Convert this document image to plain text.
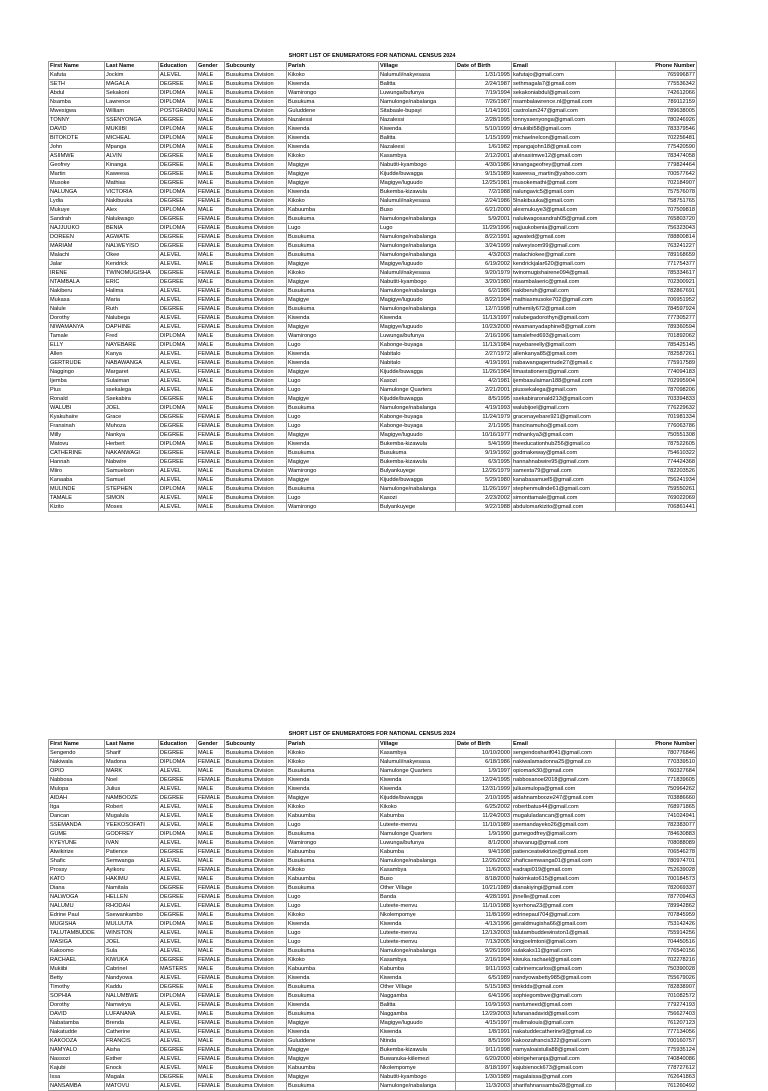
SHORT LIST OF ENUMERATORS FOR NATIONAL CENSUS 2024
First Name	Last Name	Education	Gender	Subcounty	Parish	Village	Date of Birth	Email	Phone Number
Kafuta	Jockim	ALEVEL	MALE	Busukuma Division	Kikoko	Nalumuli/nakyesasa	1/31/1995	kafutajo@gmail.com	765996877
SETH	MAGALA	DEGREE	MALE	Busukuma Division	Kiwenda	Balitta	2/24/1987	sethmagala7@gmail.com	775536342
Abdul	Sekakoni	DIPLOMA	MALE	Busukuma Division	Wamirongo	Luwunga/bufunya	7/19/1994	sekakoniabdul@gmail.com	742612066
Nsamba	Lawrence	DIPLOMA	MALE	Busukuma Division	Busukuma	Namulonge/nabalanga	7/26/1987	nsambalawrence.nl@gmail.com	789112159
Mwesigwa	William	POSTGRADU	MALE	Busukuma Division	Guluddene	Sitabaale-bupayi	1/14/1991	castrolam247@gmail.com	789638005
TONNY	SSENYONGA	DEGREE	MALE	Busukuma Division	Nazalessi	Nazalessi	2/28/1995	tonnyssenyonga@gmail.com	780246926
DAVID	MUKIIBI	DIPLOMA	MALE	Busukuma Division	Kiwenda	Kiwenda	5/10/1999	dmukiibi58@gmail.com	783379546
BITOKOTE	MICHEAL	DIPLOMA	MALE	Busukuma Division	Kiwenda	Balitta	1/15/1999	michaelnelcon@gmail.com	702256481
John	Mpanga	DIPLOMA	MALE	Busukuma Division	Kiwenda	Nazaleesi	1/6/1982	mpangajohn18@gmail.com	775420590
ASIIMWE	ALVIN	DEGREE	MALE	Busukuma Division	Kikoko	Kasambya	2/12/2001	alvinasiimwe12@gmail.com	783474058
Geofrey	Kinanga	DEGREE	MALE	Busukuma Division	Magigye	Nabutiti-kyambogo	4/30/1986	kinangageofrey@gmail.com	779824464
Martin	Kaweesa	DEGREE	MALE	Busukuma Division	Magigye	Kijudde/buwagga	9/15/1989	kaweesa_martin@yahoo.com	700577642
Musoke	Mathias	DEGREE	MALE	Busukuma Division	Magigye	Magigye/luguudo	12/25/1981	musokemathi@gmail.com	702184907
NALUNGA	VICTORIA	DIPLOMA	FEMALE	Busukuma Division	Kiwenda	Bukemba-kizawula	7/2/1988	nalungavic5@gmail.com	757576078
Lydia	Nakibuuka	DEGREE	FEMALE	Busukuma Division	Kikoko	Nalumuli/nakyesasa	2/24/1986	5lnakibuuka@gmail.com	758751765
Mukuye	Alex	DIPLOMA	MALE	Busukuma Division	Kabuumba	Buso	6/21/2000	alexmukuye3@gmail.com	707509818
Sandrah	Nalukwago	DEGREE	FEMALE	Busukuma Division	Busukuma	Namulonge/nabalanga	5/9/2001	nalukwagosandrah05@gmail.com	765803720
NAJJUUKO	BENIA	DIPLOMA	FEMALE	Busukuma Division	Lugo	Lugo	11/29/1996	najjuukobenia@gmail.com	756323043
DOREEN	AGWATE	DEGREE	FEMALE	Busukuma Division	Busukuma	Namulonge/nabalanga	8/22/1991	agwated@gmail.com	788800814
MARIAM	NALWEYISO	DEGREE	FEMALE	Busukuma Division	Busukuma	Namulonge/nabalanga	3/24/1999	nalweyisom99@gmail.com	763241227
Malachi	Okee	ALEVEL	MALE	Busukuma Division	Busukuma	Namulonge/nabalanga	4/3/2003	malachiokee@gmail.com	789168659
Jalar	Kendrick	ALEVEL	MALE	Busukuma Division	Magigye	Magigye/luguudo	6/19/2002	kendrickjalar620@gmail.com	771754377
IRENE	TWINOMUGISHA	DEGREE	FEMALE	Busukuma Division	Kikoko	Nalumuli/nakyesasa	9/20/1979	twinomugishairene094@gmail.	785334617
NTAMBALA	ERIC	DEGREE	MALE	Busukuma Division	Magigye	Nabutiti-kyambogo	3/20/1980	ntaambalaeric@gmail.com	702300921
Nakiberu	Halima	ALEVEL	FEMALE	Busukuma Division	Busukuma	Namulonge/nabalanga	6/2/1986	nakiberuh@gmail.com	782867691
Mukasa	Maria	ALEVEL	FEMALE	Busukuma Division	Magigye	Magigye/luguudo	8/22/1994	mathiasmusoke702@gmail.com	706951952
Nalule	Ruth	DEGREE	FEMALE	Busukuma Division	Busukuma	Namulonge/nabalanga	12/7/1998	ruthemily672@gmail.com	784597924
Dorothy	Nalubega	ALEVEL	FEMALE	Busukuma Division	Kiwenda	Kiwenda	11/13/1997	nalubegadorothyn@gmail.com	777305277
NIWAMANYA	DAPHINE	ALEVEL	FEMALE	Busukuma Division	Magigye	Magigye/luguudo	10/23/2000	niwamanyadaphine8@gmail.com	789360594
Tamale	Fred	DIPLOMA	MALE	Busukuma Division	Wamirongo	Luwunga/bufunya	2/16/1996	tamalefred693@gmail.com	701892062
ELLY	NAYEBARE	DIPLOMA	MALE	Busukuma Division	Lugo	Kabonge-buyaga	11/13/1984	nayebareelly@gmail.com	785425145
Allen	Kanya	ALEVEL	FEMALE	Busukuma Division	Kiwenda	Nabitalo	2/27/1972	allenkanya85@gmail.com	782587261
GERTRUDE	NABAWANGA	ALEVEL	FEMALE	Busukuma Division	Kiwenda	Nabitalo	4/19/1991	nabawangagertrude27@gmail.c	775917589
Naggingo	Margaret	ALEVEL	FEMALE	Busukuma Division	Magigye	Kijudde/buwagga	11/26/1984	limastationers@gmail.com	774094183
Ijemba	Sulaiman	ALEVEL	MALE	Busukuma Division	Lugo	Kasozi	4/2/1981	ijembasulaiman188@gmail.com	702995904
Pius	ssekalega	ALEVEL	MALE	Busukuma Division	Lugo	Namulonge Quarters	2/21/2001	piussekalega@gmail.com	787098206
Ronald	Ssekabira	DEGREE	MALE	Busukuma Division	Magigye	Kijudde/buwagga	8/5/1995	ssekabiraronald213@gmail.com	703394833
WALUBI	JOEL	DIPLOMA	MALE	Busukuma Division	Busukuma	Namulonge/nabalanga	4/19/1993	walubijoel@gmail.com	776229632
Kyakuhaire	Grace	DEGREE	FEMALE	Busukuma Division	Lugo	Kabonge-buyaga	11/24/1979	gracenayebare921@gmail.com	701981334
Fransinah	Muhoza	DEGREE	FEMALE	Busukuma Division	Lugo	Kabonge-buyaga	2/1/1995	francinamuho@gmail.com	776063786
Milly	Nankya	DEGREE	FEMALE	Busukuma Division	Magigye	Magigye/luguudo	10/16/1977	mdnankya3@gmail.com	750551308
Matovu	Herbert	DIPLOMA	MALE	Busukuma Division	Kiwenda	Bukemba-kizawula	5/4/1999	theeducationhub256@gmail.co	787522605
CATHERINE	NAKANWAGI	DEGREE	FEMALE	Busukuma Division	Busukuma	Busukuma	9/19/1992	godmakeway@gmail.com	754610322
Hannah	Nabwire	DEGREE	FEMALE	Busukuma Division	Magigye	Bukemba-kizawula	6/3/1995	hannahnabwire95@gmail.com	774424368
Miiro	Samuelson	ALEVEL	MALE	Busukuma Division	Wamirongo	Bulyankuyege	12/26/1979	samexta79@gmail.com	782203526
Kanaaba	Samuel	ALEVEL	MALE	Busukuma Division	Magigye	Kijudde/buwagga	5/29/1980	kanabasamuel5@gmail.com	756241934
MULINDE	STEPHEN	DIPLOMA	MALE	Busukuma Division	Busukuma	Namulonge/nabalanga	11/26/1997	stephenmulinde61@gmail.com	759550261
TAMALE	SIMON	ALEVEL	MALE	Busukuma Division	Lugo	Kasozi	2/23/2002	simonttamale@gmail.com	769022069
Kizito	Moses	ALEVEL	MALE	Busukuma Division	Wamirongo	Bulyankuyege	9/22/1988	abdulomarkizito@gmail.com	706861441
SHORT LIST OF ENUMERATORS FOR NATIONAL CENSUS 2024
First Name	Last Name	Education	Gender	Subcounty	Parish	Village	Date of Birth	Email	Phone Number
Sengendo	Sharif	DEGREE	MALE	Busukuma Division	Kikoko	Kasambya	10/10/2000	sengendosharif041@gmail.com	780776846
Nakiwala	Madona	DIPLOMA	FEMALE	Busukuma Division	Kikoko	Nalumuli/nakyesasa	6/18/1986	nakiwalamadonna25@gmail.co	770339510
OPIO	MARK	ALEVEL	MALE	Busukuma Division	Busukuma	Namulonge Quarters	1/9/1997	opiomark30@gmail.com	760327684
Nabbosa	Noel	DEGREE	FEMALE	Busukuma Division	Kiwenda	Kiwenda	12/24/1995	nabbosanoel2018@gmail.com	771839605
Mulopa	Julius	ALEVEL	MALE	Busukuma Division	Kiwenda	Kiwenda	12/31/1999	juliusmulopa@gmail.com	750964262
AIDAH	NAMBOOZE	DEGREE	FEMALE	Busukuma Division	Magigye	Kijudde/buwagga	2/10/1995	aidahnambooze247@gmail.com	703886660
Itga	Robert	ALEVEL	MALE	Busukuma Division	Kikoko	Kikoko	6/25/2002	robertbatus44@gmail.com	768971865
Dancan	Mugalula	ALEVEL	MALE	Busukuma Division	Kabuumba	Kabumba	11/24/2003	mugaluladancan@gmail.com	741024941
SSEMANDA	YEEKOSOFATI	ALEVEL	MALE	Busukuma Division	Lugo	Luteete-menvu	11/10/1989	ssemandayeko26@gmail.com	782383077
GUME	GODFREY	DIPLOMA	MALE	Busukuma Division	Busukuma	Namulonge Quarters	1/9/1990	gumegodfrey@gmail.com	784630883
KYEYUNE	IVAN	ALEVEL	MALE	Busukuma Division	Wamirongo	Luwunga/bufunya	8/1/2000	shavanug@gmail.com	708088089
Atwikirize	Patience	DEGREE	FEMALE	Busukuma Division	Kabuumba	Kabumba	9/4/1998	patienceatwikirize@gmail.com	706546278
Shafic	Semwanga	ALEVEL	MALE	Busukuma Division	Busukuma	Namulonge/nabalanga	12/26/2002	shaficsemwanga01@gmail.com	780974701
Prossy	Ayikoru	ALEVEL	FEMALE	Busukuma Division	Kikoko	Kasambya	11/6/2003	eadrapi019@gmail.com	752639028
KATO	HAKIMU	ALEVEL	MALE	Busukuma Division	Kabuumba	Buso	8/18/2000	hakimkato615@gmail.com	700184573
Diana	Namitala	DEGREE	FEMALE	Busukuma Division	Busukuma	Other Village	10/21/1989	dianakiyingi@gmail.com	782069337
NALWOGA	HELLEN	DEGREE	FEMALE	Busukuma Division	Lugo	Banda	4/28/1991	jhnelle@gmail.com	787709463
NALUMU	RHODAH	ALEVEL	FEMALE	Busukuma Division	Lugo	Luteete-menvu	11/10/1988	kyerhona23@gmail.com	789942862
Edrine Paul	Ssewankambo	DEGREE	MALE	Busukuma Division	Kikoko	Nkolempomye	11/8/1999	edrinepaul704@gmail.com	707845959
MUGISHA	MULUUTA	DIPLOMA	MALE	Busukuma Division	Kiwenda	Kiwenda	4/13/1996	geraldmugisha66@gmail.com	753142426
TALUTAMBUDDE	WINSTON	ALEVEL	MALE	Busukuma Division	Lugo	Luteete-menvu	12/13/2003	talutambuddewinston1@gmail.	755914256
MASIGA	JOEL	ALEVEL	MALE	Busukuma Division	Lugo	Luteete-menvu	7/13/2005	kingjoelmtoni@gmail.com	704450516
Kakoomo	Sula	ALEVEL	MALE	Busukuma Division	Busukuma	Namulonge/nabalanga	9/26/1999	sulakaks11@gmail.com	776540156
RACHAEL	KIWUKA	DEGREE	FEMALE	Busukuma Division	Kikoko	Kasambya	2/16/1994	kiwuka.rachael@gmail.com	702278216
Mukiibi	Cabrinel	MASTERS	MALE	Busukuma Division	Kabuumba	Kabumba	9/11/1993	cabrinemcarlos@gmail.com	750390028
Betty	Nandyowa	ALEVEL	FEMALE	Busukuma Division	Kiwenda	Kiwenda	6/5/1989	nandyowabetty985@gmail.com	755679026
Timothy	Kaddu	DEGREE	MALE	Busukuma Division	Busukuma	Other Village	5/15/1983	timkdds@gmail.com	782838907
SOPHIA	NALUMBWE	DIPLOMA	FEMALE	Busukuma Division	Busukuma	Naggamba	6/4/1996	sophiegombwe@gmail.com	701082572
Dorothy	Namwirya	ALEVEL	FEMALE	Busukuma Division	Kiwenda	Balitta	10/9/1993	nantumeed@gmail.com	779274193
DAVID	LUFANANA	ALEVEL	MALE	Busukuma Division	Busukuma	Naggamba	12/29/2003	lufananadavid@gmail.com	756627403
Nabatamba	Brenda	ALEVEL	FEMALE	Busukuma Division	Magigye	Magigye/luguudo	4/15/1997	mulimalouis@gmail.com	761207123
Nakatudde	Catherine	ALEVEL	FEMALE	Busukuma Division	Kiwenda	Kiwenda	1/8/1991	nakatuddecatherine9@gmail.co	777134056
KAKOOZA	FRANCIS	ALEVEL	MALE	Busukuma Division	Guluddene	Ntinda	8/5/1999	kakoozafrancis322@gmail.com	700160757
NAMYALO	Aisha	DEGREE	FEMALE	Busukuma Division	Magigye	Bukemba-kizawula	9/11/1998	namyaloaistulla88@gmail.com	775935124
Nassozi	Esther	ALEVEL	FEMALE	Busukuma Division	Magigye	Buwanuka-kiilemezi	6/20/2000	ebirigeheranja@gmail.com	740840086
Kajubi	Enock	ALEVEL	MALE	Busukuma Division	Kabuumba	Nkolempomye	8/18/1997	kajubienock673@gmail.com	778727612
Issa	Magala	DEGREE	MALE	Busukuma Division	Magigye	Nabutiti-kyambogo	1/30/1989	magalaissa@gmail.com	762641863
NANSAMBA	MATOVU	ALEVEL	FEMALE	Busukuma Division	Busukuma	Namulonge/nabalanga	11/3/2003	sharifahnansamba28@gmail.co	761260492
